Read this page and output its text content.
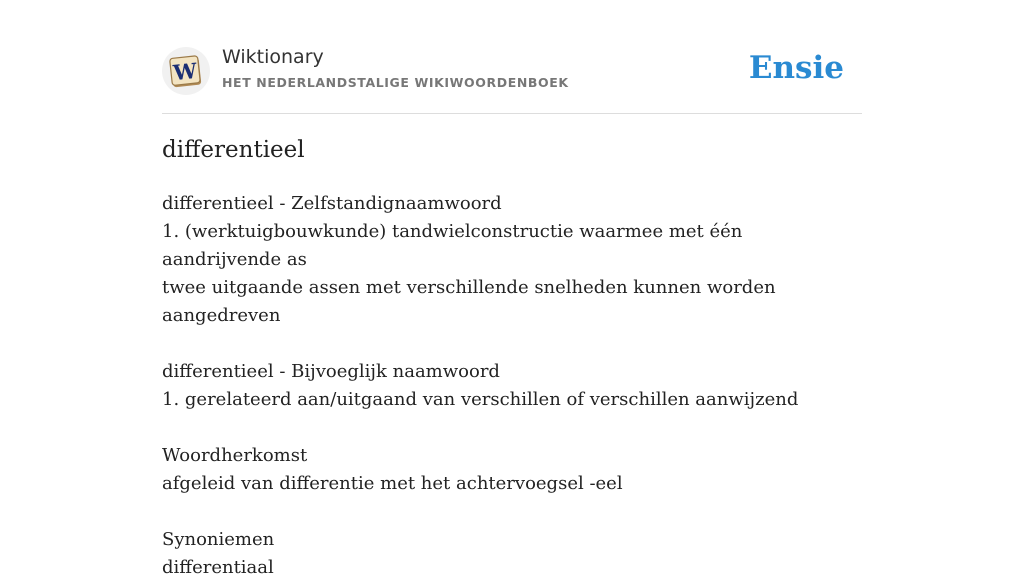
W
Wiktionary
HET NEDERLANDSTALIGE WIKIWOORDENBOEK	Ensie
differentieel

differentieel - Zelfstandignaamwoord

1. (werktuigbouwkunde) tandwielconstructie waarmee met één aandrijvende as

twee uitgaande assen met verschillende snelheden kunnen worden aangedreven

differentieel - Bijvoeglijk naamwoord

1. gerelateerd aan/uitgaand van verschillen of verschillen aanwijzend

Woordherkomst

afgeleid van differentie met het achtervoegsel -eel

Synoniemen

differentiaal
